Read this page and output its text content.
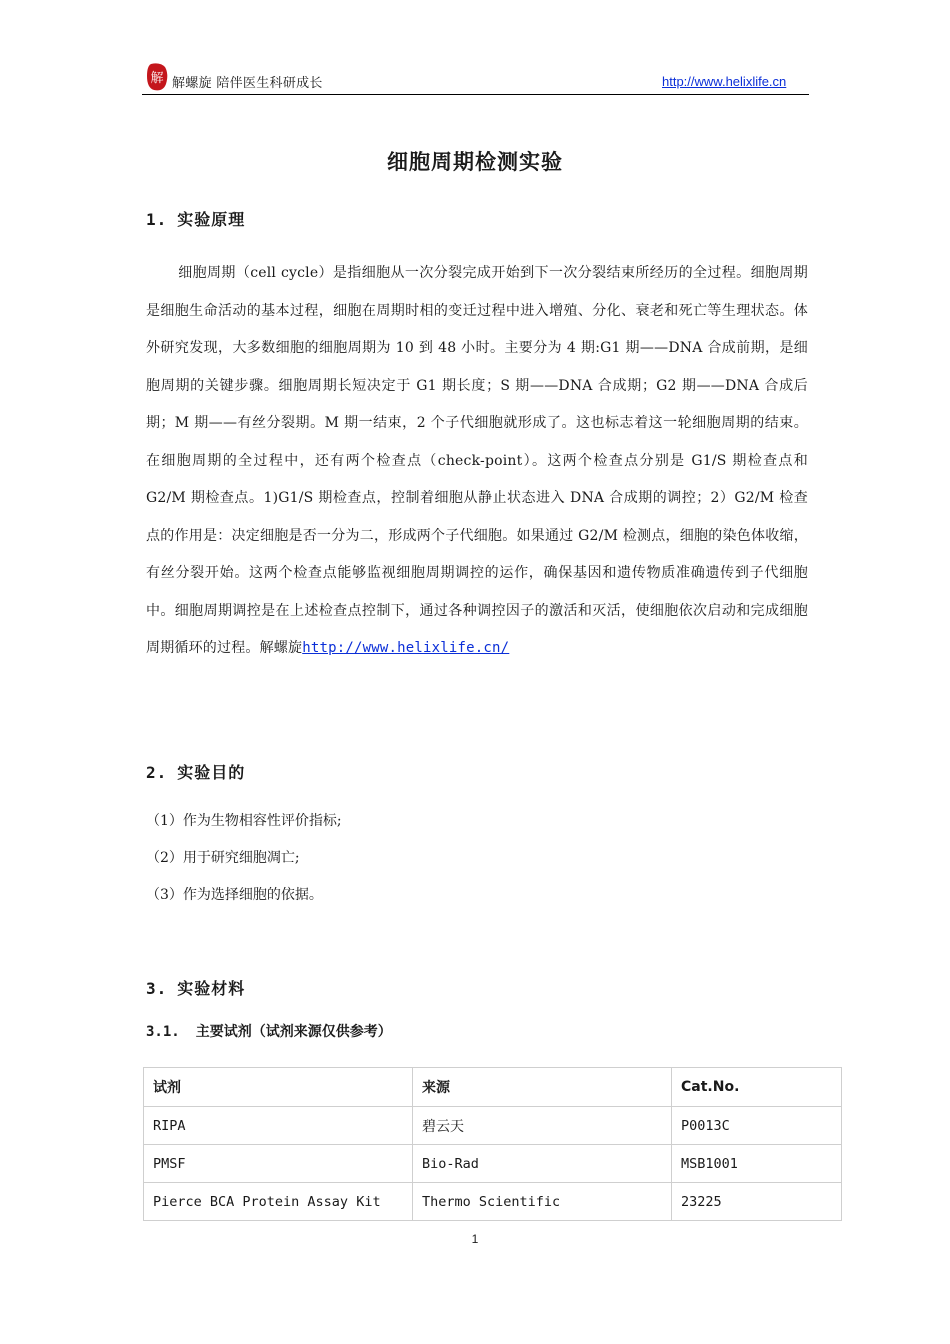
解 解螺旋 陪伴医生科研成长	http://www.helixlife.cn
细胞周期检测实验
1. 实验原理
细胞周期（cell cycle）是指细胞从一次分裂完成开始到下一次分裂结束所经历的全过程。细胞周期是细胞生命活动的基本过程，细胞在周期时相的变迁过程中进入增殖、分化、衰老和死亡等生理状态。体外研究发现，大多数细胞的细胞周期为 10 到 48 小时。主要分为 4 期:G1 期——DNA 合成前期，是细胞周期的关键步骤。细胞周期长短决定于 G1 期长度；S 期——DNA 合成期；G2 期——DNA 合成后期；M 期——有丝分裂期。M 期一结束，2 个子代细胞就形成了。这也标志着这一轮细胞周期的结束。在细胞周期的全过程中，还有两个检查点（check-point）。这两个检查点分别是 G1/S 期检查点和 G2/M 期检查点。1)G1/S 期检查点，控制着细胞从静止状态进入 DNA 合成期的调控；2）G2/M 检查点的作用是：决定细胞是否一分为二，形成两个子代细胞。如果通过 G2/M 检测点，细胞的染色体收缩，有丝分裂开始。这两个检查点能够监视细胞周期调控的运作，确保基因和遗传物质准确遗传到子代细胞中。细胞周期调控是在上述检查点控制下，通过各种调控因子的激活和灭活，使细胞依次启动和完成细胞周期循环的过程。解螺旋http://www.helixlife.cn/
2. 实验目的
（1）作为生物相容性评价指标;
（2）用于研究细胞凋亡;
（3）作为选择细胞的依据。
3. 实验材料
3.1. 主要试剂（试剂来源仅供参考）
试剂	来源	Cat.No.
RIPA	碧云天	P0013C
PMSF	Bio-Rad	MSB1001
Pierce BCA Protein Assay Kit	Thermo Scientific	23225
1
